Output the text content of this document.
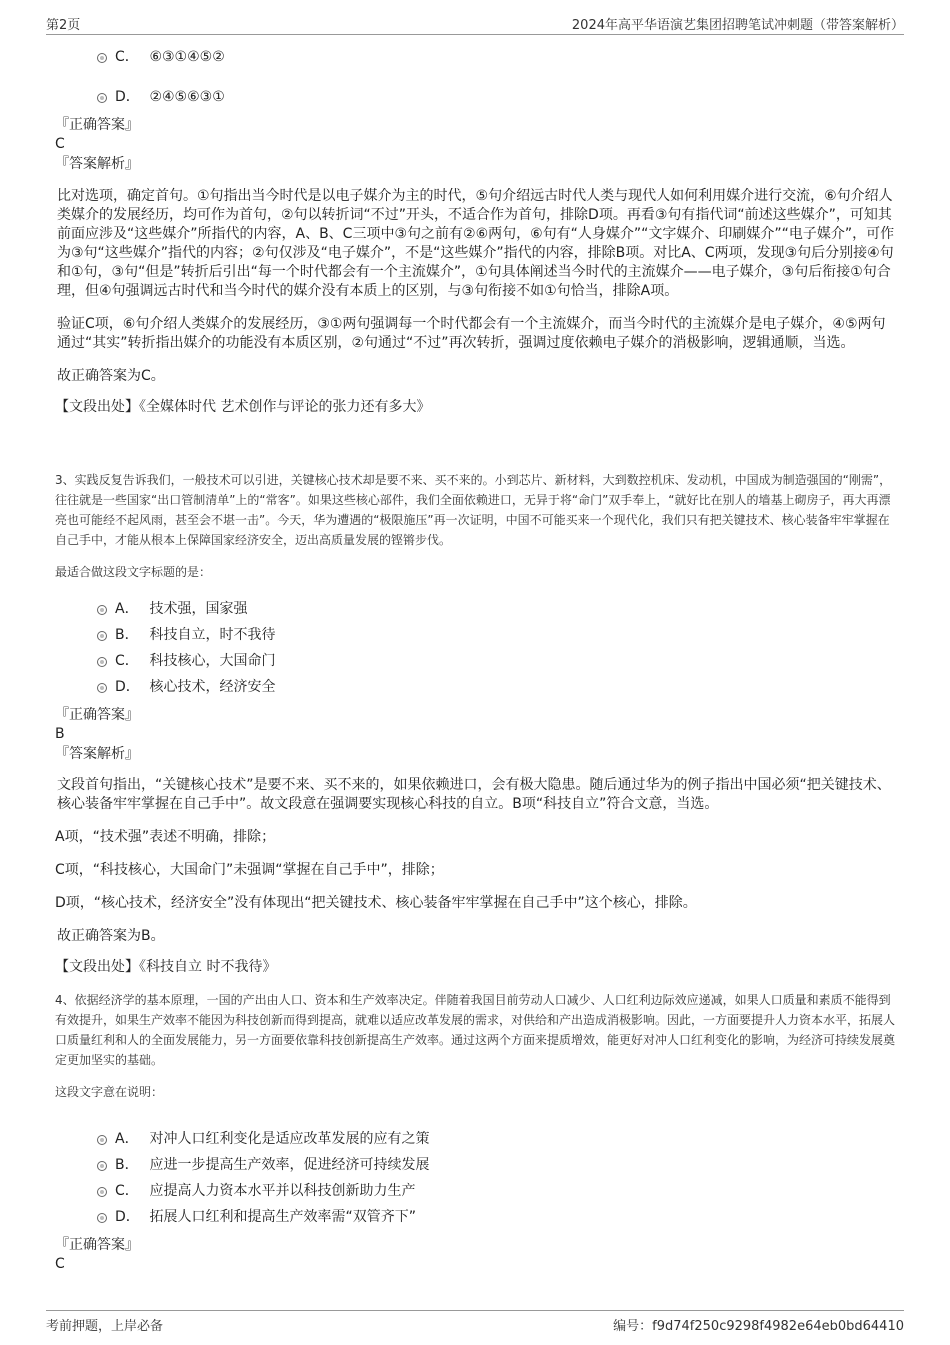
第2页	2024年高平华语演艺集团招聘笔试冲刺题（带答案解析）
C． ⑥③①④⑤②
D． ②④⑤⑥③①
『正确答案』
C
『答案解析』

比对选项，确定首句。①句指出当今时代是以电子媒介为主的时代，⑤句介绍远古时代人类与现代人如何利用媒介进行交流，⑥句介绍人类媒介的发展经历，均可作为首句，②句以转折词“不过”开头，不适合作为首句，排除D项。再看③句有指代词“前述这些媒介”，可知其前面应涉及“这些媒介”所指代的内容，A、B、C三项中③句之前有②⑥两句，⑥句有“人身媒介”“文字媒介、印刷媒介”“电子媒介”，可作为③句“这些媒介”指代的内容；②句仅涉及“电子媒介”，不是“这些媒介”指代的内容，排除B项。对比A、C两项，发现③句后分别接④句和①句，③句“但是”转折后引出“每一个时代都会有一个主流媒介”，①句具体阐述当今时代的主流媒介——电子媒介，③句后衔接①句合理，但④句强调远古时代和当今时代的媒介没有本质上的区别，与③句衔接不如①句恰当，排除A项。

验证C项，⑥句介绍人类媒介的发展经历，③①两句强调每一个时代都会有一个主流媒介，而当今时代的主流媒介是电子媒介，④⑤两句通过“其实”转折指出媒介的功能没有本质区别，②句通过“不过”再次转折，强调过度依赖电子媒介的消极影响，逻辑通顺，当选。

故正确答案为C。

【文段出处】《全媒体时代 艺术创作与评论的张力还有多大》

3、实践反复告诉我们，一般技术可以引进，关键核心技术却是要不来、买不来的。小到芯片、新材料，大到数控机床、发动机，中国成为制造强国的“刚需”，往往就是一些国家“出口管制清单”上的“常客”。如果这些核心部件，我们全面依赖进口，无异于将“命门”双手奉上，“就好比在别人的墙基上砌房子，再大再漂亮也可能经不起风雨，甚至会不堪一击”。今天，华为遭遇的“极限施压”再一次证明，中国不可能买来一个现代化，我们只有把关键技术、核心装备牢牢掌握在自己手中，才能从根本上保障国家经济安全，迈出高质量发展的铿锵步伐。

最适合做这段文字标题的是：
A． 技术强，国家强
B． 科技自立，时不我待
C． 科技核心，大国命门
D． 核心技术，经济安全
『正确答案』
B
『答案解析』

文段首句指出，“关键核心技术”是要不来、买不来的，如果依赖进口，会有极大隐患。随后通过华为的例子指出中国必须“把关键技术、核心装备牢牢掌握在自己手中”。故文段意在强调要实现核心科技的自立。B项“科技自立”符合文意，当选。

A项，“技术强”表述不明确，排除；

C项，“科技核心，大国命门”未强调“掌握在自己手中”，排除；

D项，“核心技术，经济安全”没有体现出“把关键技术、核心装备牢牢掌握在自己手中”这个核心，排除。

故正确答案为B。

【文段出处】《科技自立 时不我待》

4、依据经济学的基本原理，一国的产出由人口、资本和生产效率决定。伴随着我国目前劳动人口减少、人口红利边际效应递减，如果人口质量和素质不能得到有效提升，如果生产效率不能因为科技创新而得到提高，就难以适应改革发展的需求，对供给和产出造成消极影响。因此，一方面要提升人力资本水平，拓展人口质量红利和人的全面发展能力，另一方面要依靠科技创新提高生产效率。通过这两个方面来提质增效，能更好对冲人口红利变化的影响，为经济可持续发展奠定更加坚实的基础。

这段文字意在说明：
A． 对冲人口红利变化是适应改革发展的应有之策
B． 应进一步提高生产效率，促进经济可持续发展
C． 应提高人力资本水平并以科技创新助力生产
D． 拓展人口红利和提高生产效率需“双管齐下”
『正确答案』
C
考前押题，上岸必备	编号：f9d74f250c9298f4982e64eb0bd64410
